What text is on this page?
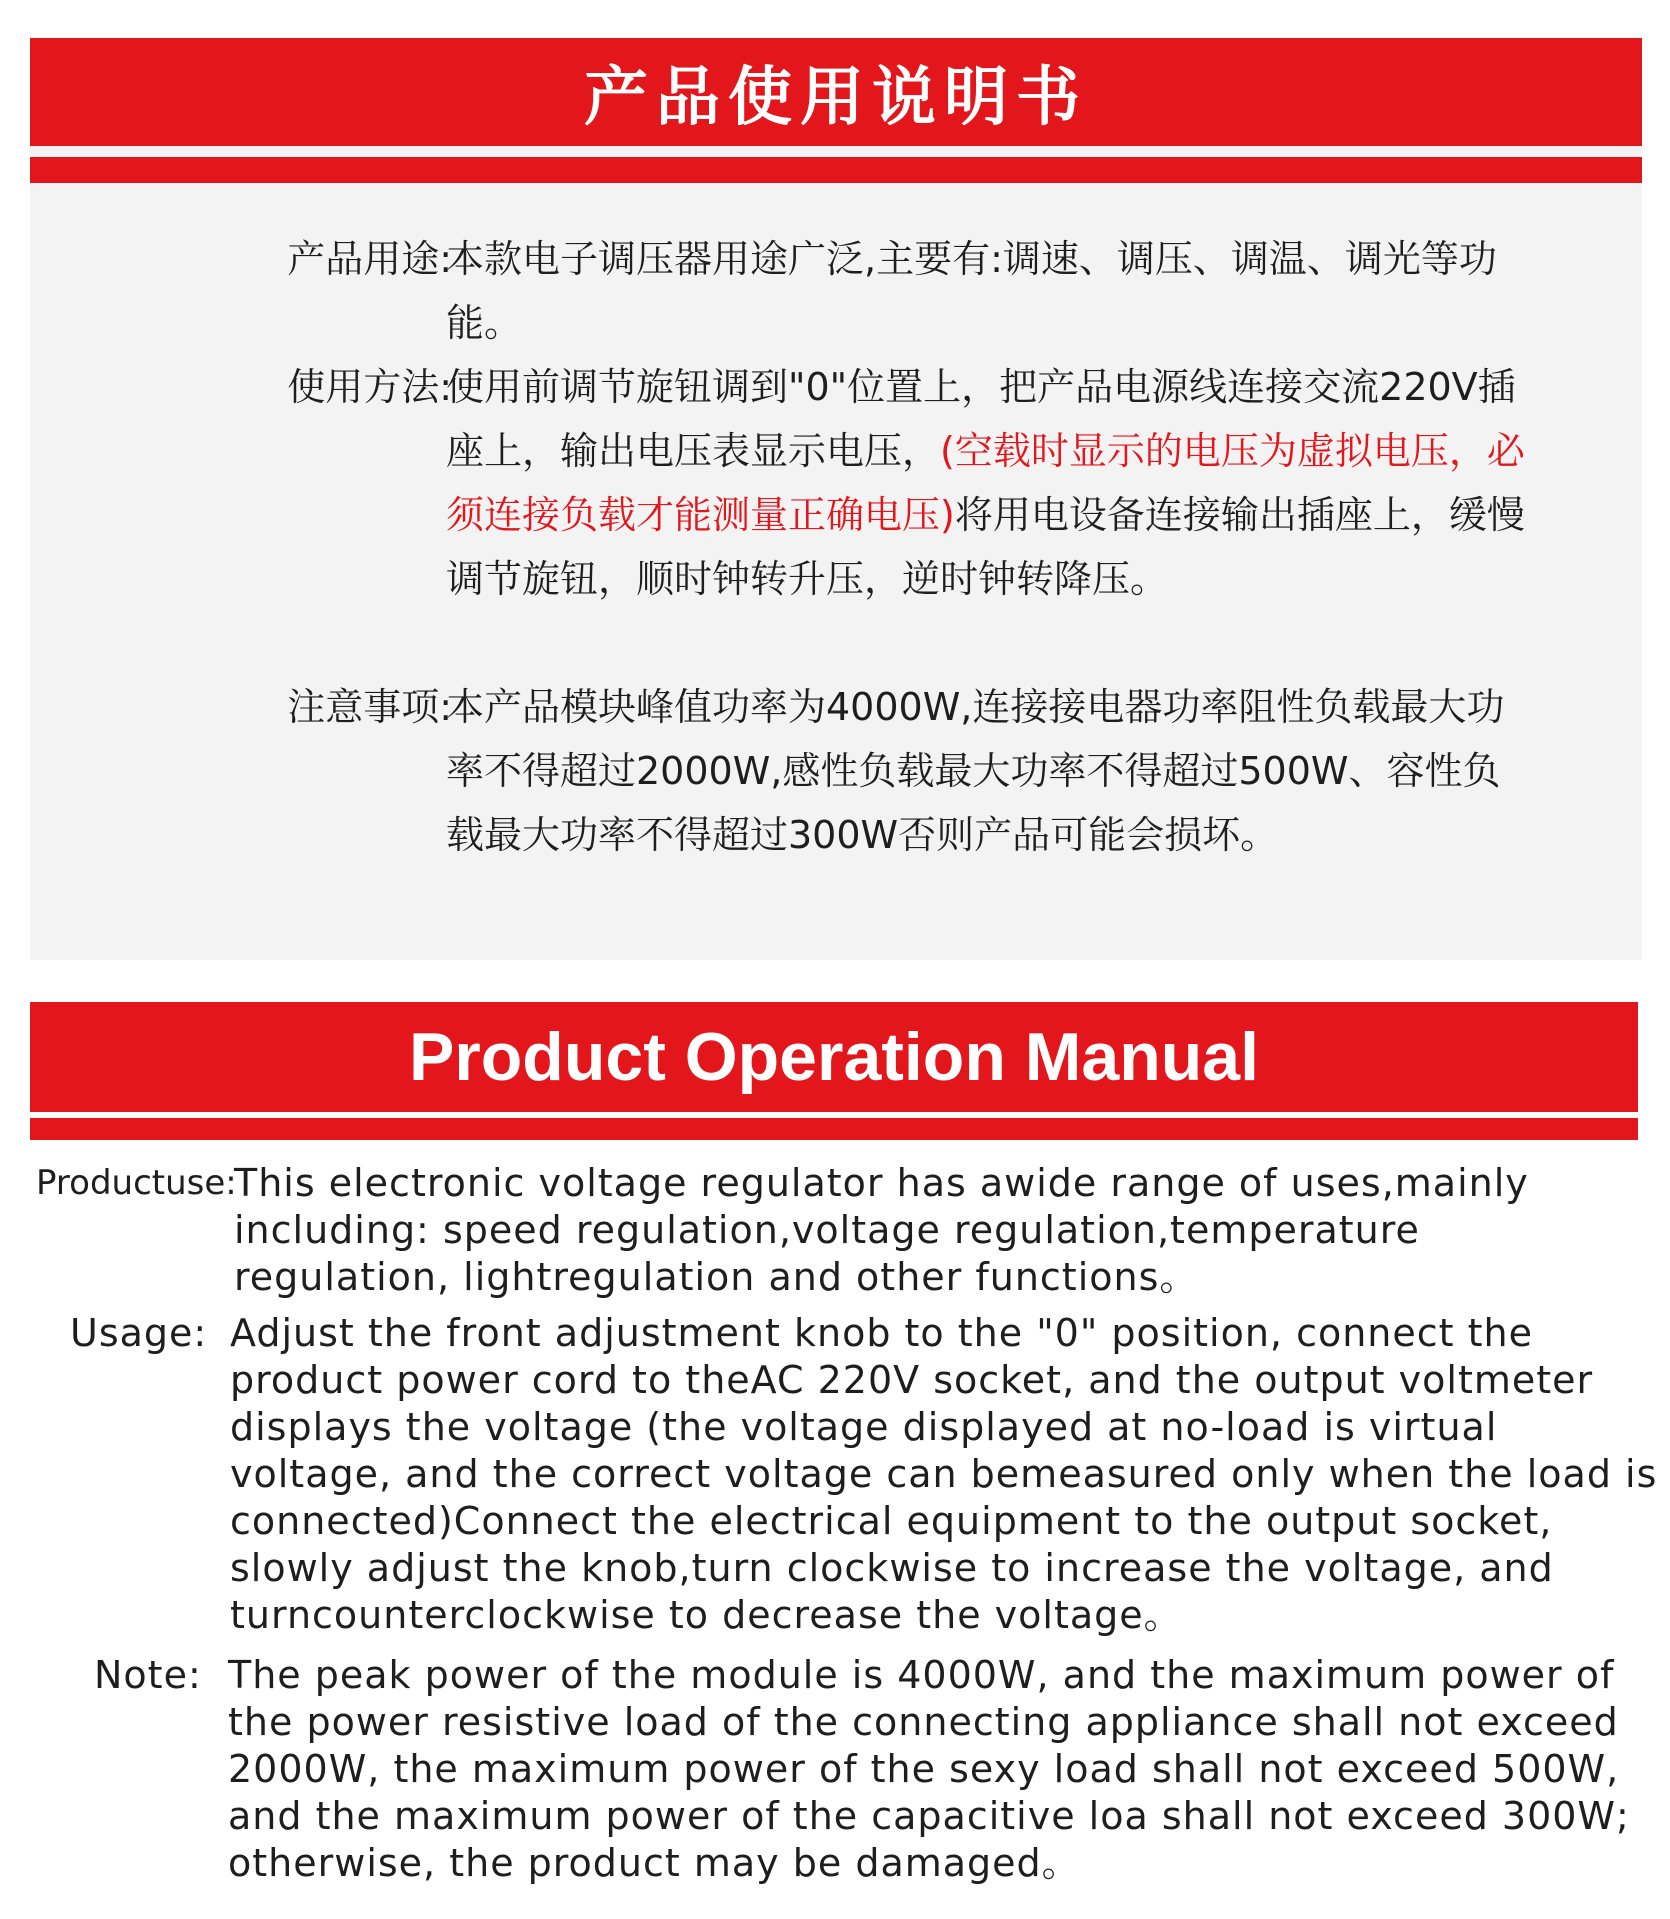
产品使用说明书
产品用途:
本款电子调压器用途广泛,主要有:调速、调压、调温、调光等功能。
使用方法:
使用前调节旋钮调到"0"位置上，把产品电源线连接交流220V插座上，输出电压表显示电压，(空载时显示的电压为虚拟电压，必须连接负载才能测量正确电压)将用电设备连接输出插座上，缓慢调节旋钮，顺时钟转升压，逆时钟转降压。
注意事项:
本产品模块峰值功率为4000W,连接接电器功率阻性负载最大功率不得超过2000W,感性负载最大功率不得超过500W、容性负载最大功率不得超过300W否则产品可能会损坏。
Product Operation Manual
Productuse:
This electronic voltage regulator has awide range of uses,mainly including: speed regulation,voltage regulation,temperature regulation, lightregulation and other functions。
Usage: Adjust the front adjustment knob to the "0" position, connect the product power cord to theAC 220V socket, and the output voltmeter displays the voltage (the voltage displayed at no-load is virtual voltage, and the correct voltage can bemeasured only when the load is connected)Connect the electrical equipment to the output socket, slowly adjust the knob,turn clockwise to increase the voltage, and turncounterclockwise to decrease the voltage。
Note: The peak power of the module is 4000W, and the maximum power of the power resistive load of the connecting appliance shall not exceed 2000W, the maximum power of the sexy load shall not exceed 500W, and the maximum power of the capacitive loa shall not exceed 300W; otherwise, the product may be damaged。
